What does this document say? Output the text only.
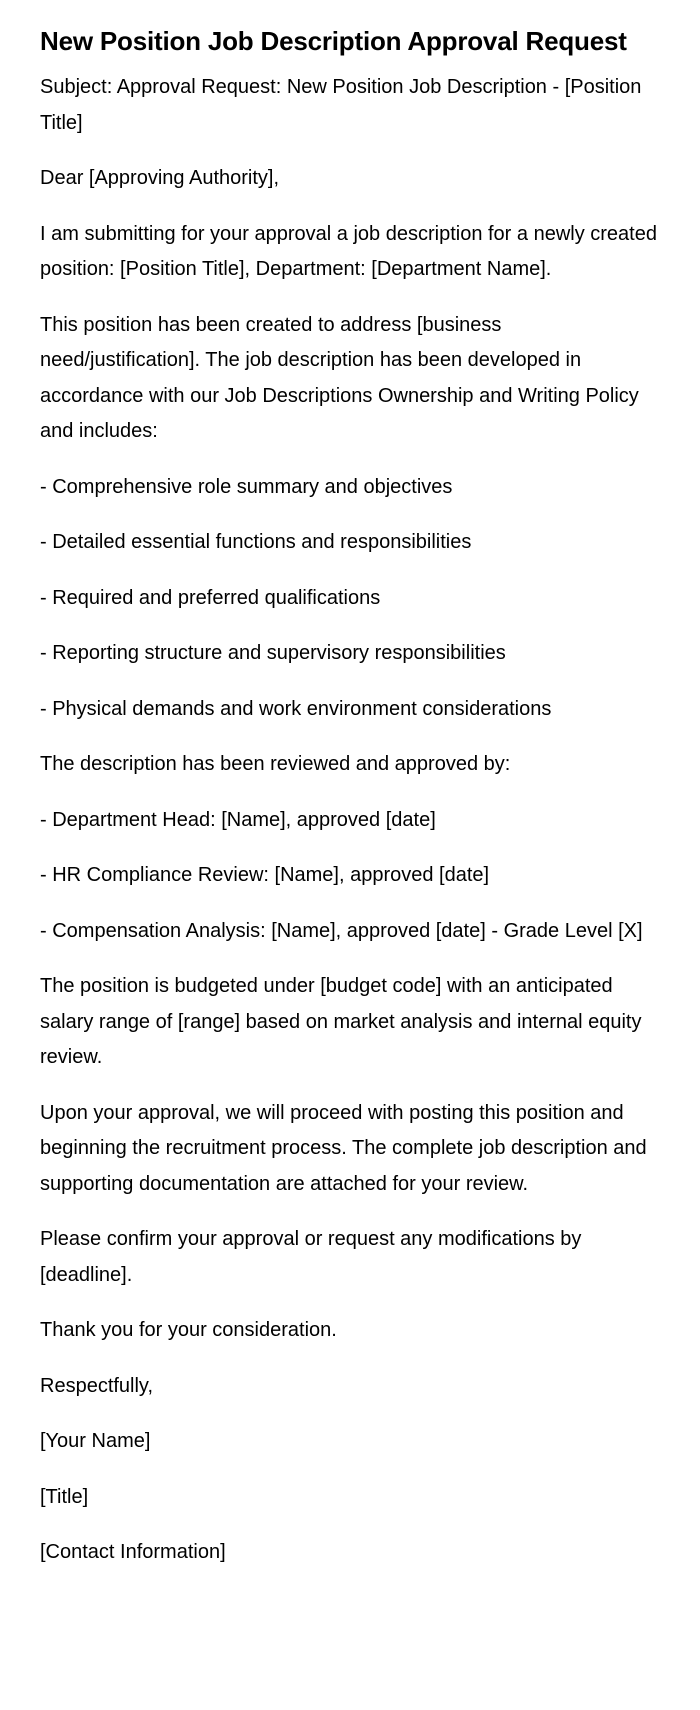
New Position Job Description Approval Request

Subject: Approval Request: New Position Job Description - [Position Title]

Dear [Approving Authority],

I am submitting for your approval a job description for a newly created position: [Position Title], Department: [Department Name].

This position has been created to address [business need/justification]. The job description has been developed in accordance with our Job Descriptions Ownership and Writing Policy and includes:

- Comprehensive role summary and objectives

- Detailed essential functions and responsibilities

- Required and preferred qualifications

- Reporting structure and supervisory responsibilities

- Physical demands and work environment considerations

The description has been reviewed and approved by:

- Department Head: [Name], approved [date]

- HR Compliance Review: [Name], approved [date]

- Compensation Analysis: [Name], approved [date] - Grade Level [X]

The position is budgeted under [budget code] with an anticipated salary range of [range] based on market analysis and internal equity review.

Upon your approval, we will proceed with posting this position and beginning the recruitment process. The complete job description and supporting documentation are attached for your review.

Please confirm your approval or request any modifications by [deadline].

Thank you for your consideration.

Respectfully,

[Your Name]

[Title]

[Contact Information]
